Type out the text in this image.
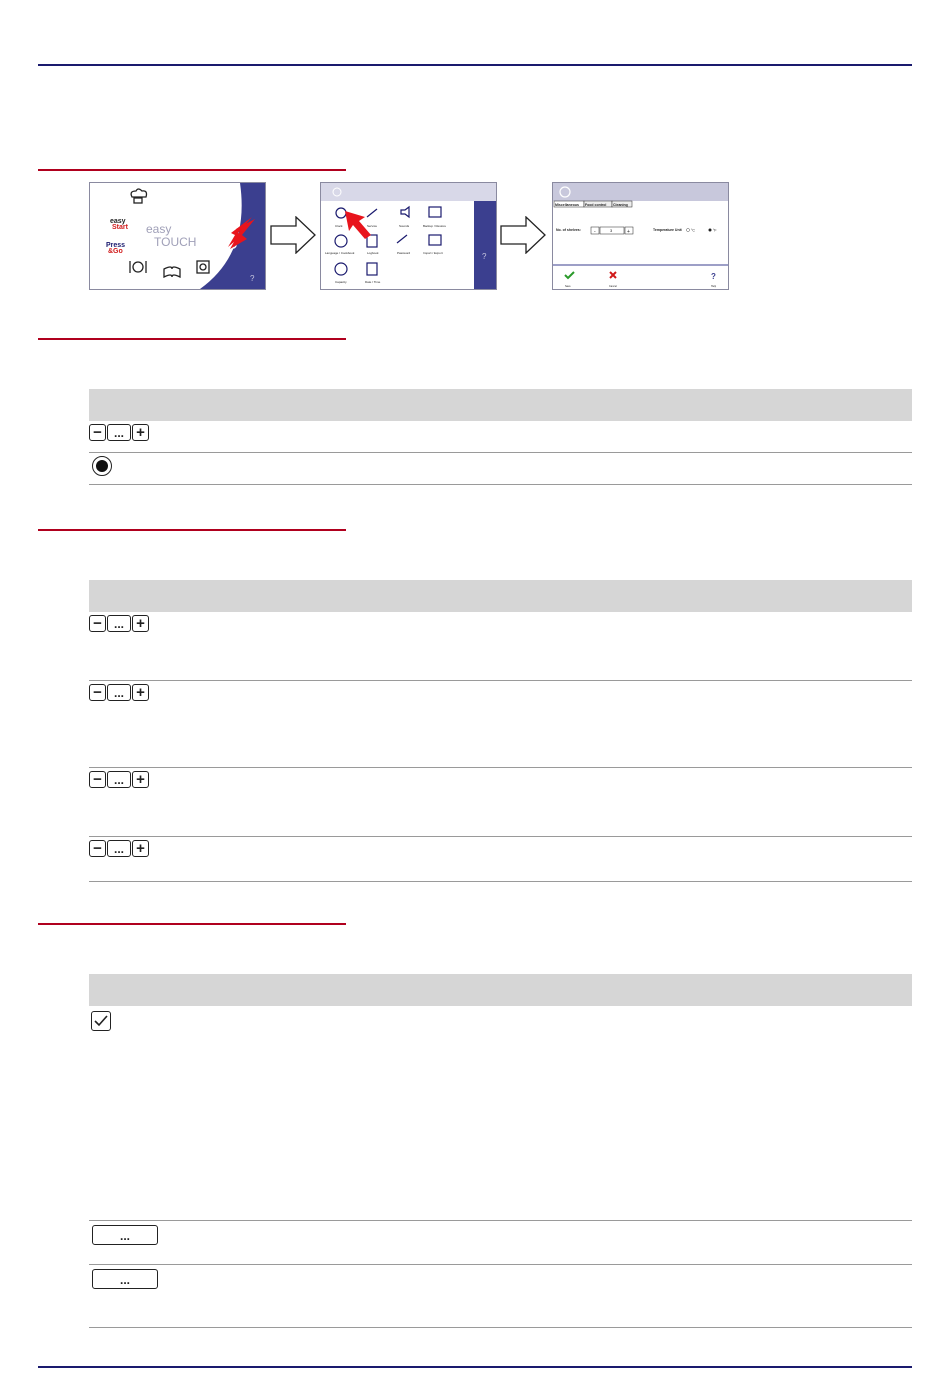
easy
Start
Press
&Go
easy
TOUCH
?
Clock	Service	Sounds	Backup / Restore
Language / Cookbook	Logbook	Password	Import / Export
Capacity	Date / Time
?
Miscellaneous Food control Cleaning
No. of shelves:	-	3	+	Temperature Unit	°C	°F
?
Save	Cancel	Help

−	... +

−	... +

−	... +

−	... +

−	... +

...
...
